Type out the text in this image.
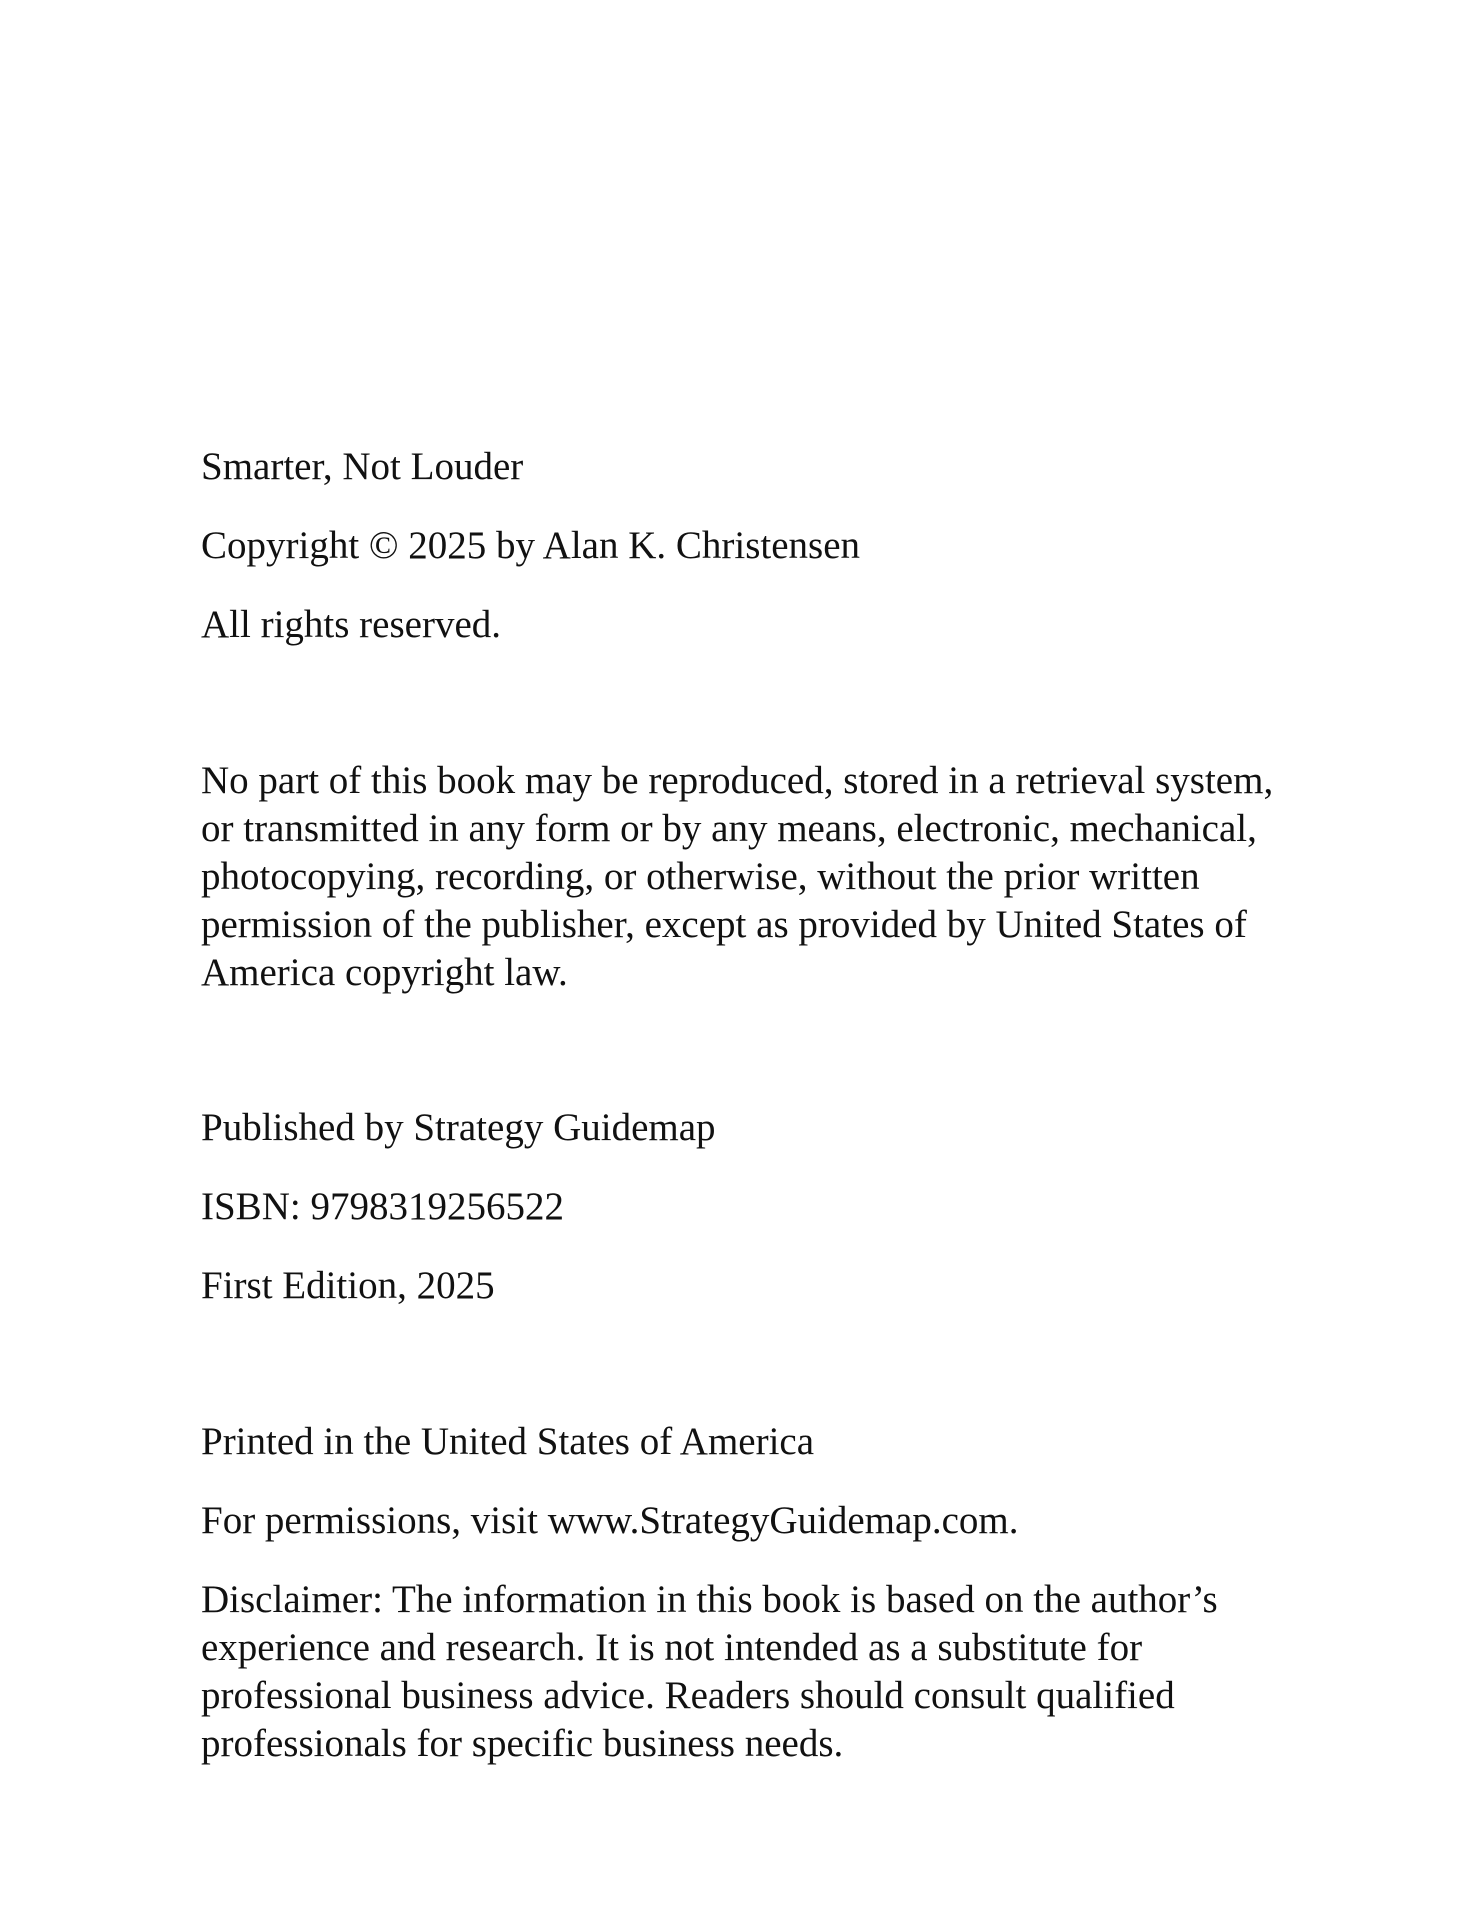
Smarter, Not Louder

Copyright © 2025 by Alan K. Christensen

All rights reserved.

No part of this book may be reproduced, stored in a retrieval system,
or transmitted in any form or by any means, electronic, mechanical,
photocopying, recording, or otherwise, without the prior written
permission of the publisher, except as provided by United States of
America copyright law.

Published by Strategy Guidemap

ISBN: 9798319256522

First Edition, 2025

Printed in the United States of America

For permissions, visit www.StrategyGuidemap.com.

Disclaimer: The information in this book is based on the author’s
experience and research. It is not intended as a substitute for
professional business advice. Readers should consult qualified
professionals for specific business needs.
